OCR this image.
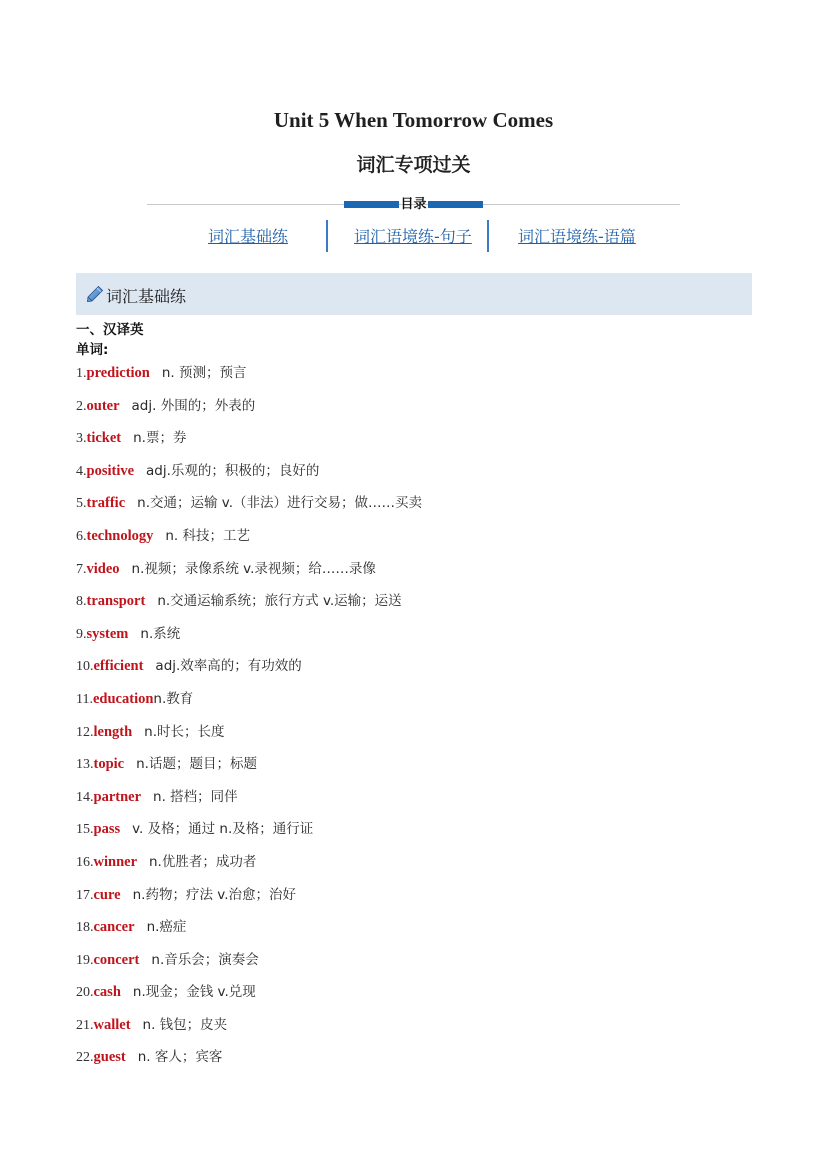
Unit 5 When Tomorrow Comes
词汇专项过关
目录
词汇基础练	词汇语境练-句子	词汇语境练-语篇
词汇基础练
一、汉译英
单词:
1.prediction n. 预测；预言
2.outer adj. 外围的；外表的
3.ticket n.票；券
4.positive adj.乐观的；积极的；良好的
5.traffic n.交通；运输 v.（非法）进行交易；做……买卖
6.technology n. 科技；工艺
7.video n.视频；录像系统 v.录视频；给……录像
8.transport n.交通运输系统；旅行方式 v.运输；运送
9.system n.系统
10.efficient adj.效率高的；有功效的
11.educationn.教育
12.length n.时长；长度
13.topic n.话题；题目；标题
14.partner n. 搭档；同伴
15.pass v. 及格；通过 n.及格；通行证
16.winner n.优胜者；成功者
17.cure n.药物；疗法 v.治愈；治好
18.cancer n.癌症
19.concert n.音乐会；演奏会
20.cash n.现金；金钱 v.兑现
21.wallet n. 钱包；皮夹
22.guest n. 客人；宾客
